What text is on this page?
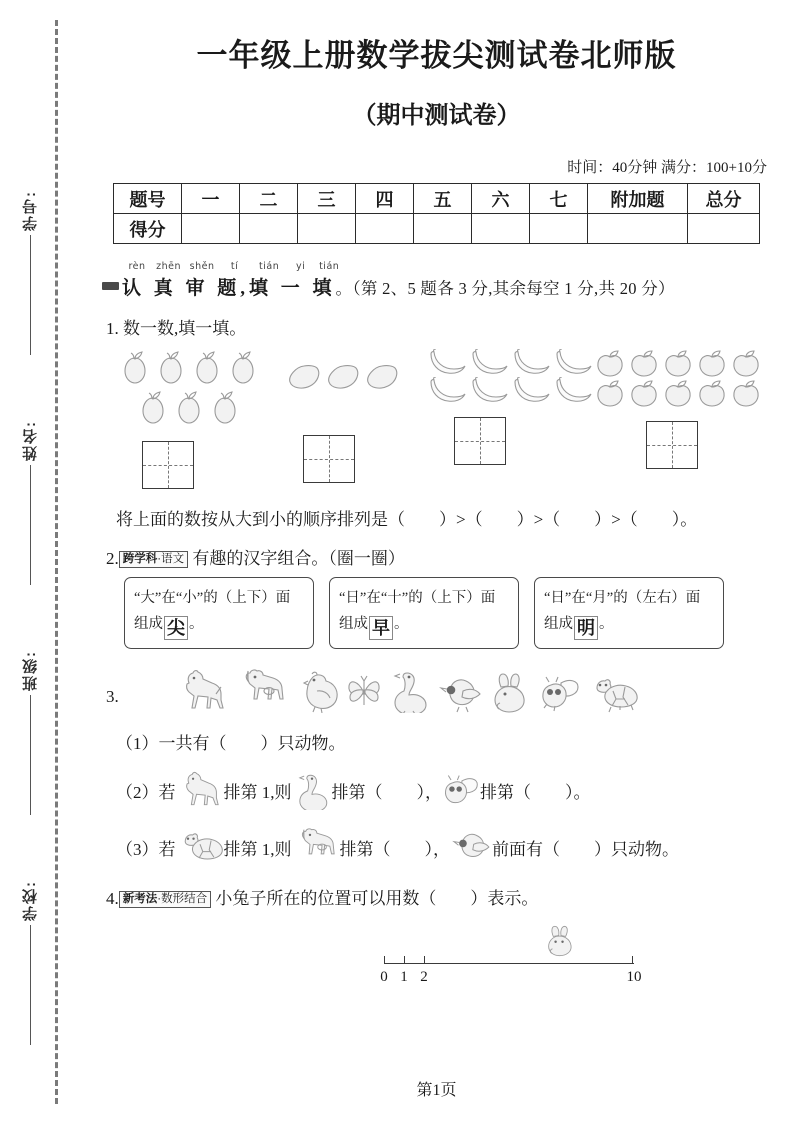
学号:
姓名:
班级:
学校:
一年级上册数学拔尖测试卷北师版
（期中测试卷）
时间：40分钟 满分：100+10分
题号	一	二	三	四	五	六	七	附加题	总分
得分									
rèn zhēn shěn tí tián yi tián
认 真 审 题,填 一 填 。（第 2、5 题各 3 分,其余每空 1 分,共 20 分）
1. 数一数,填一填。
将上面的数按从大到小的顺序排列是（　　）>（　　）>（　　）>（　　）。
2. 跨学科·语文 有趣的汉字组合。（圈一圈）
“大”在“小”的（上下）面组成 尖 。
“日”在“十”的（上下）面组成 早 。
“日”在“月”的（左右）面组成 明 。
3.
（1）一共有（　　）只动物。
（2） 若	排第 1,则 排第（　　）， 排第（　　）。
（3） 若	排第 1,则	排第（　　）， 前面有（　　）只动物。
4. 新考法·数形结合 小兔子所在的位置可以用数（　　）表示。
0 1 2	10
第1页
